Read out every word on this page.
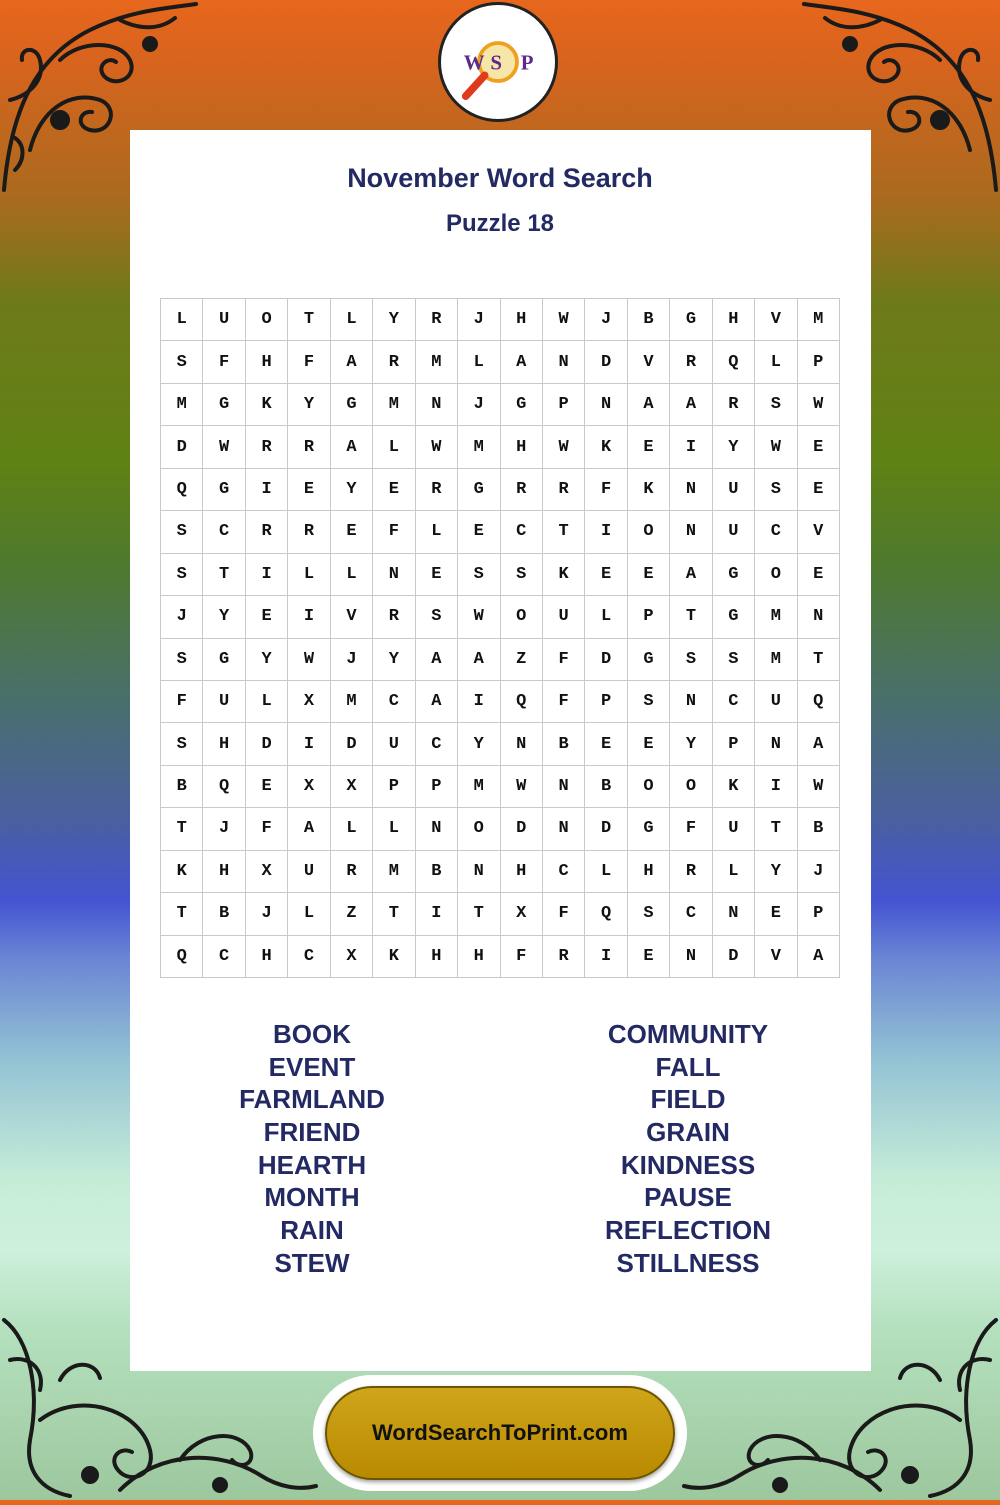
W S P
November Word Search
Puzzle 18
L	U	O	T	L	Y	R	J	H	W	J	B	G	H	V	M
S	F	H	F	A	R	M	L	A	N	D	V	R	Q	L	P
M	G	K	Y	G	M	N	J	G	P	N	A	A	R	S	W
D	W	R	R	A	L	W	M	H	W	K	E	I	Y	W	E
Q	G	I	E	Y	E	R	G	R	R	F	K	N	U	S	E
S	C	R	R	E	F	L	E	C	T	I	O	N	U	C	V
S	T	I	L	L	N	E	S	S	K	E	E	A	G	O	E
J	Y	E	I	V	R	S	W	O	U	L	P	T	G	M	N
S	G	Y	W	J	Y	A	A	Z	F	D	G	S	S	M	T
F	U	L	X	M	C	A	I	Q	F	P	S	N	C	U	Q
S	H	D	I	D	U	C	Y	N	B	E	E	Y	P	N	A
B	Q	E	X	X	P	P	M	W	N	B	O	O	K	I	W
T	J	F	A	L	L	N	O	D	N	D	G	F	U	T	B
K	H	X	U	R	M	B	N	H	C	L	H	R	L	Y	J
T	B	J	L	Z	T	I	T	X	F	Q	S	C	N	E	P
Q	C	H	C	X	K	H	H	F	R	I	E	N	D	V	A
BOOK
EVENT
FARMLAND
FRIEND
HEARTH
MONTH
RAIN
STEW
COMMUNITY
FALL
FIELD
GRAIN
KINDNESS
PAUSE
REFLECTION
STILLNESS
WordSearchToPrint.com
